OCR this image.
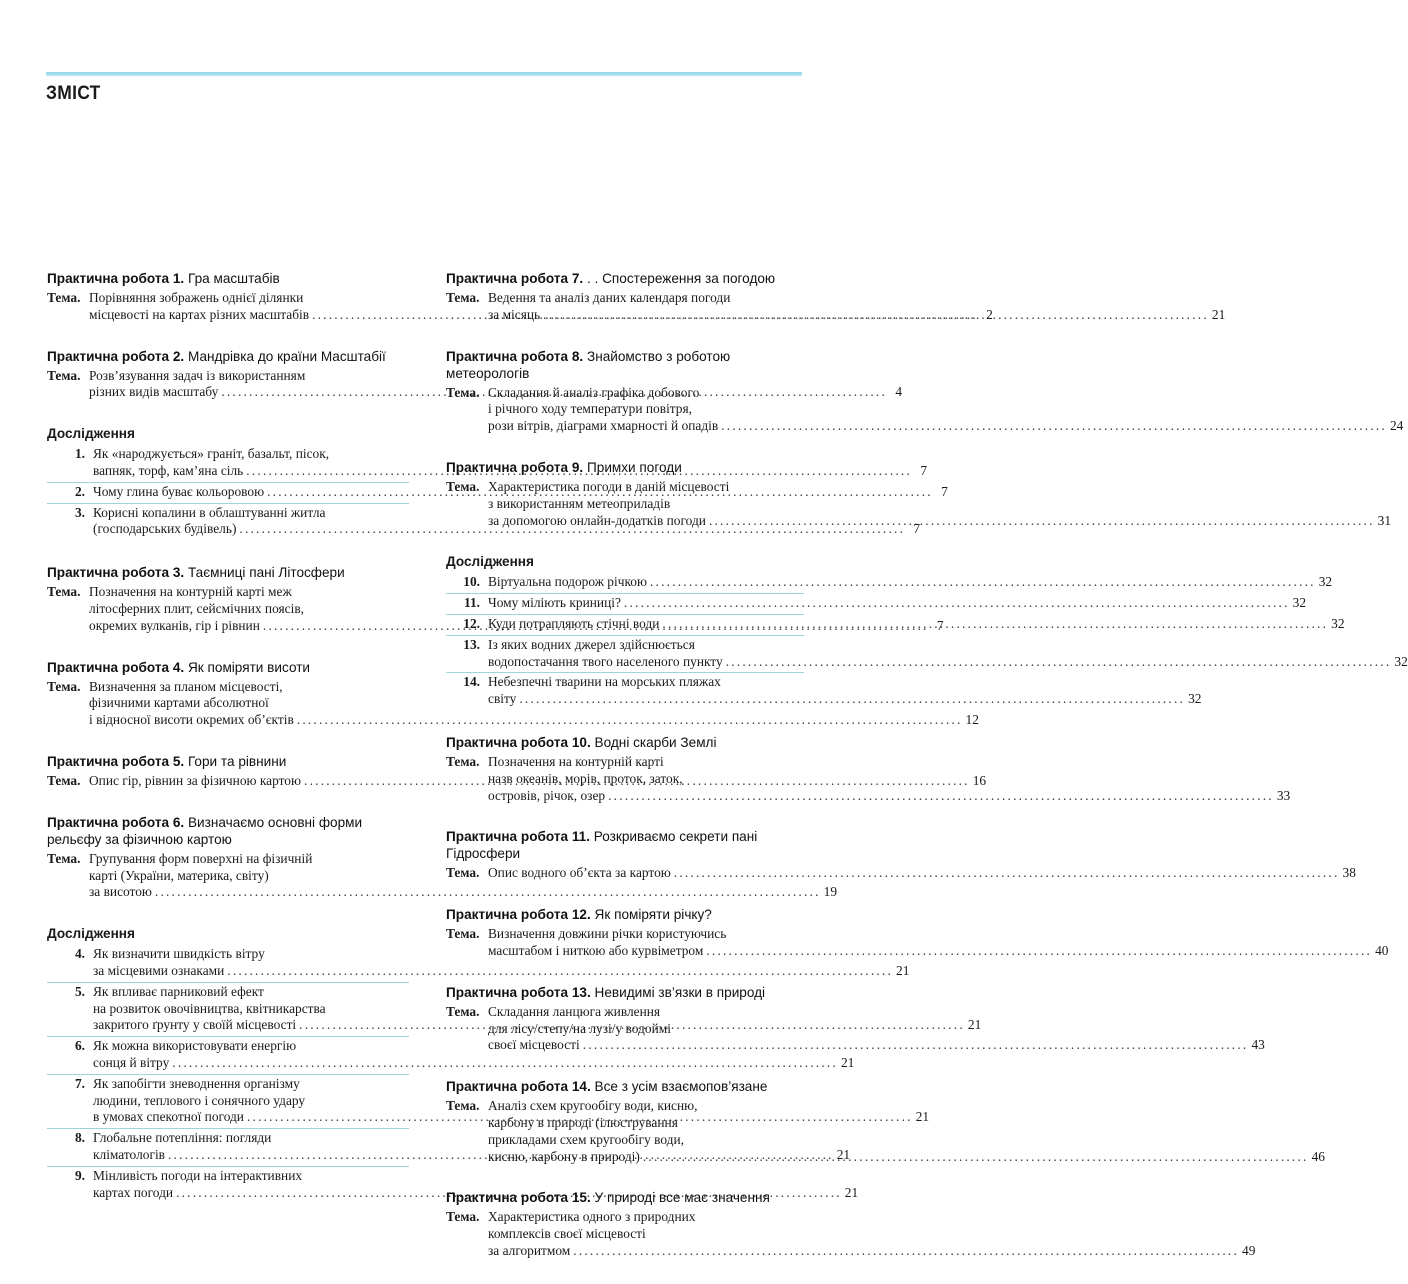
ЗМІСТ
Практична робота 1. Гра масштабів
Тема. Порівняння зображень однієї ділянки
місцевості на картах різних масштабів .....	2
Практична робота 2. Мандрівка до країни Масштабії
Тема. Розв’язування задач із використанням
різних видів масштабу .....	4
Дослідження
1. Як «народжується» граніт, базальт, пісок,
вапняк, торф, кам’яна сіль .....	7
2. Чому глина буває кольоровою .....	7
3. Корисні копалини в облаштуванні житла
(господарських будівель) .....	7
Практична робота 3. Таємниці пані Літосфери
Тема. Позначення на контурній карті меж
літосферних плит, сейсмічних поясів,
окремих вулканів, гір і рівнин .....	7
Практична робота 4. Як поміряти висоти
Тема. Визначення за планом місцевості,
фізичними картами абсолютної
і відносної висоти окремих об’єктів .....	12
Практична робота 5. Гори та рівнини
Тема. Опис гір, рівнин за фізичною картою .....	16
Практична робота 6. Визначаємо основні форми рельєфу за фізичною картою
Тема. Групування форм поверхні на фізичній
карті (України, материка, світу)
за висотою .....	19
Дослідження
4. Як визначити швидкість вітру
за місцевими ознаками .....	21
5. Як впливає парниковий ефект
на розвиток овочівництва, квітникарства
закритого ґрунту у своїй місцевості .....	21
6. Як можна використовувати енергію
сонця й вітру .....	21
7. Як запобігти зневоднення організму
людини, теплового і сонячного удару
в умовах спекотної погоди .....	21
8. Глобальне потепління: погляди
кліматологів .....	21
9. Мінливість погоди на інтерактивних
картах погоди .....	21
Практична робота 7. . . Спостереження за погодою
Тема. Ведення та аналіз даних календаря погоди
за місяць .....	21
Практична робота 8. Знайомство з роботою метеорологів
Тема. Складання й аналіз графіка добового
і річного ходу температури повітря,
рози вітрів, діаграми хмарності й опадів .....	24
Практична робота 9. Примхи погоди
Тема. Характеристика погоди в даній місцевості
з використанням метеоприладів
за допомогою онлайн-додатків погоди .....	31
Дослідження
10. Віртуальна подорож річкою .....	32
11. Чому міліють криниці? .....	32
12. Куди потрапляють стічні води .....	32
13. Із яких водних джерел здійснюється
водопостачання твого населеного пункту .....	32
14. Небезпечні тварини на морських пляжах
світу .....	32
Практична робота 10. Водні скарби Землі
Тема. Позначення на контурній карті
назв океанів, морів, проток, заток,
островів, річок, озер .....	33
Практична робота 11. Розкриваємо секрети пані Гідросфери
Тема. Опис водного об’єкта за картою .....	38
Практична робота 12. Як поміряти річку?
Тема. Визначення довжини річки користуючись
масштабом і ниткою або курвіметром .....	40
Практична робота 13. Невидимі зв’язки в природі
Тема. Складання ланцюга живлення
для лісу/степу/на лузі/у водоймі
своєї місцевості .....	43
Практична робота 14. Все з усім взаємопов’язане
Тема. Аналіз схем кругообігу води, кисню,
карбону в природі (ілюстрування
прикладами схем кругообігу води,
кисню, карбону в природі) .....	46
Практична робота 15. У природі все має значення
Тема. Характеристика одного з природних
комплексів своєї місцевості
за алгоритмом .....	49
